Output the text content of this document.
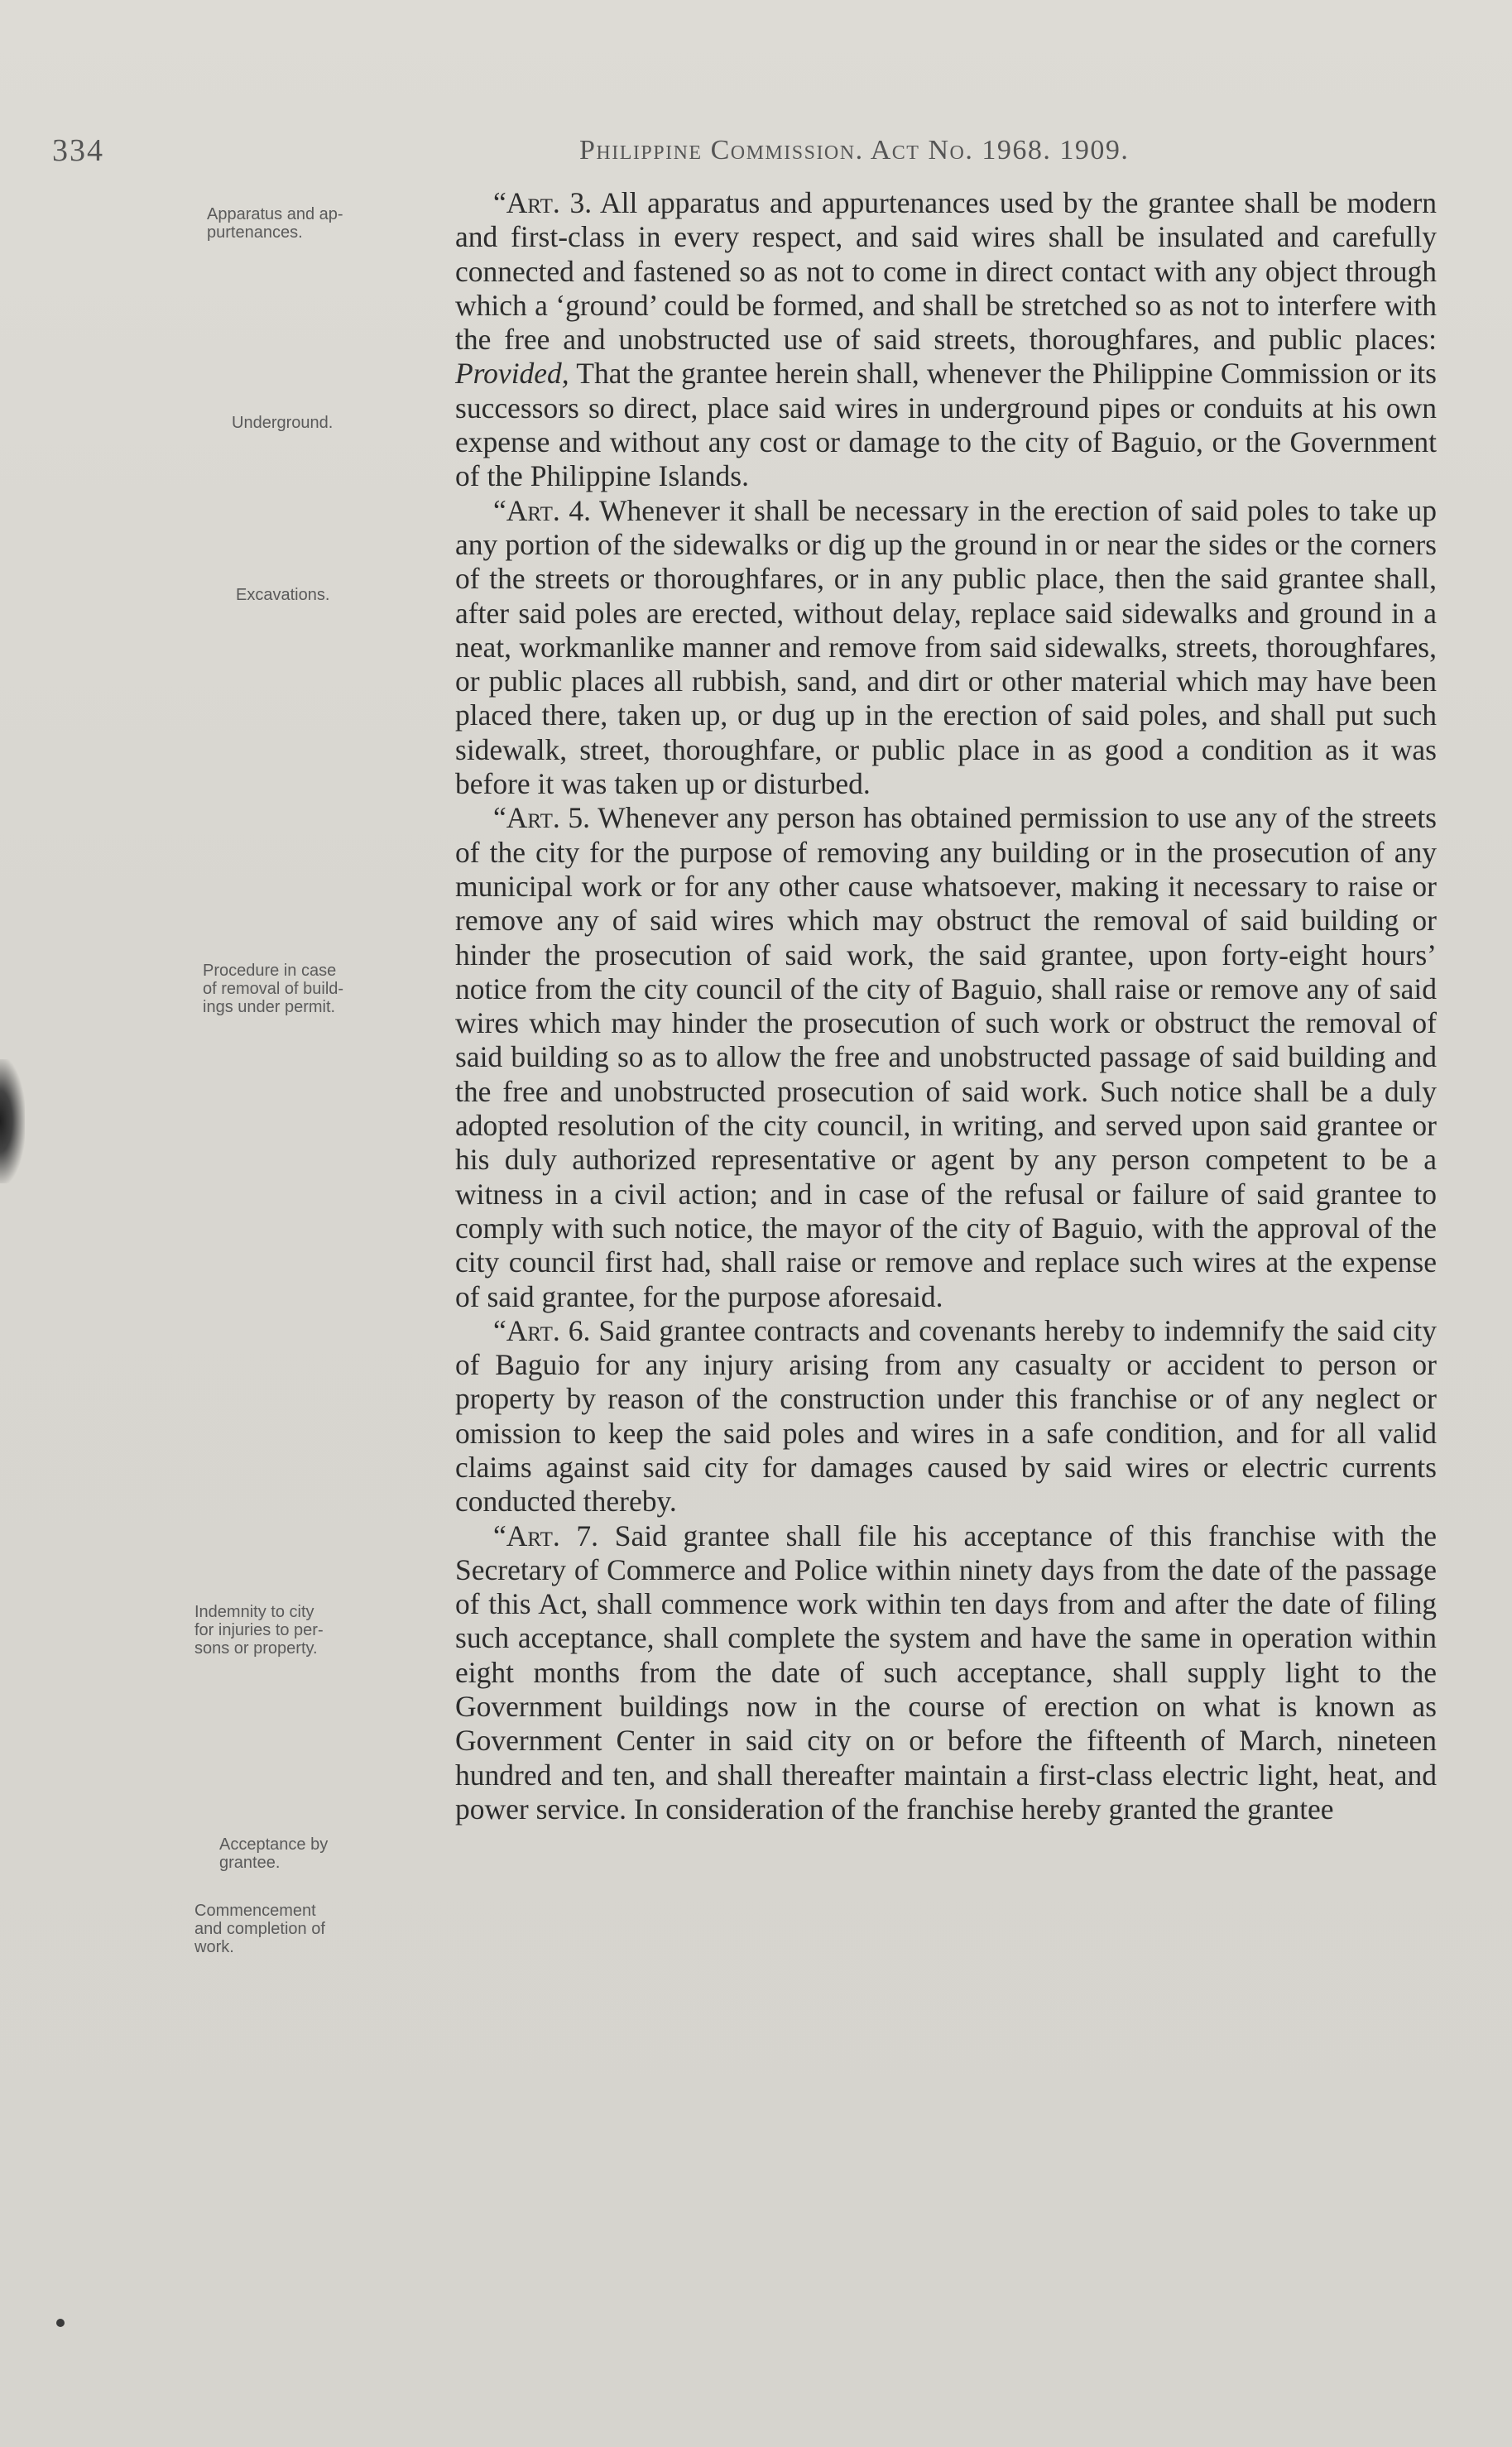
334	Philippine Commission. Act No. 1968. 1909.
Apparatus and ap-
purtenances.
Underground.
Excavations.
Procedure in case
of removal of build-
ings under permit.
Indemnity to city
for injuries to per-
sons or property.
Acceptance by
grantee.
Commencement
and completion of
work.

“Art. 3. All apparatus and appurtenances used by the grantee shall be modern and first-class in every respect, and said wires shall be insulated and carefully connected and fastened so as not to come in direct contact with any object through which a ‘ground’ could be formed, and shall be stretched so as not to interfere with the free and unobstructed use of said streets, thoroughfares, and public places: Provided, That the grantee herein shall, whenever the Philippine Commission or its successors so direct, place said wires in underground pipes or conduits at his own expense and without any cost or damage to the city of Baguio, or the Government of the Philippine Islands.

“Art. 4. Whenever it shall be necessary in the erection of said poles to take up any portion of the sidewalks or dig up the ground in or near the sides or the corners of the streets or thoroughfares, or in any public place, then the said grantee shall, after said poles are erected, without delay, replace said sidewalks and ground in a neat, workmanlike manner and remove from said sidewalks, streets, thoroughfares, or public places all rubbish, sand, and dirt or other material which may have been placed there, taken up, or dug up in the erection of said poles, and shall put such sidewalk, street, thoroughfare, or public place in as good a condition as it was before it was taken up or disturbed.

“Art. 5. Whenever any person has obtained permission to use any of the streets of the city for the purpose of removing any building or in the prosecution of any municipal work or for any other cause whatsoever, making it necessary to raise or remove any of said wires which may obstruct the removal of said building or hinder the prosecution of said work, the said grantee, upon forty-eight hours’ notice from the city council of the city of Baguio, shall raise or remove any of said wires which may hinder the prosecution of such work or obstruct the removal of said building so as to allow the free and unobstructed passage of said building and the free and unobstructed prosecution of said work. Such notice shall be a duly adopted resolution of the city council, in writing, and served upon said grantee or his duly authorized representative or agent by any person competent to be a witness in a civil action; and in case of the refusal or failure of said grantee to comply with such notice, the mayor of the city of Baguio, with the approval of the city council first had, shall raise or remove and replace such wires at the expense of said grantee, for the purpose aforesaid.

“Art. 6. Said grantee contracts and covenants hereby to indemnify the said city of Baguio for any injury arising from any casualty or accident to person or property by reason of the construction under this franchise or of any neglect or omission to keep the said poles and wires in a safe condition, and for all valid claims against said city for damages caused by said wires or electric currents conducted thereby.

“Art. 7. Said grantee shall file his acceptance of this franchise with the Secretary of Commerce and Police within ninety days from the date of the passage of this Act, shall commence work within ten days from and after the date of filing such acceptance, shall complete the system and have the same in operation within eight months from the date of such acceptance, shall supply light to the Government buildings now in the course of erection on what is known as Government Center in said city on or before the fifteenth of March, nineteen hundred and ten, and shall thereafter maintain a first-class electric light, heat, and power service. In consideration of the franchise hereby granted the grantee
